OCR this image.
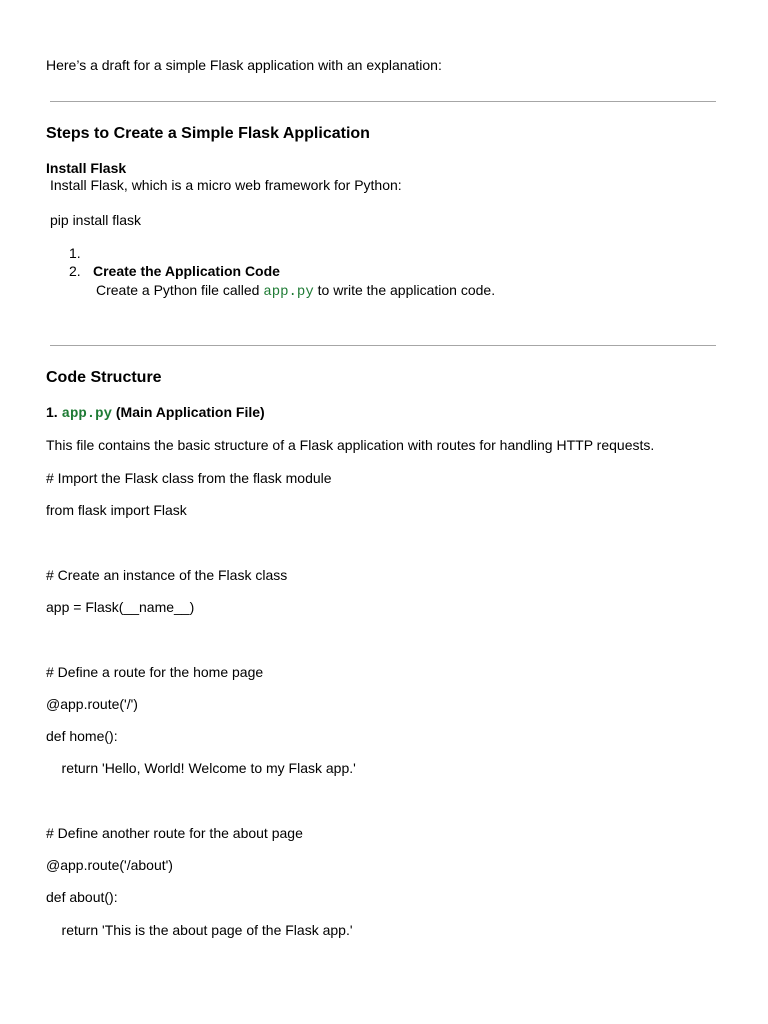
Here’s a draft for a simple Flask application with an explanation:
Steps to Create a Simple Flask Application
Install Flask
Install Flask, which is a micro web framework for Python:
pip install flask
1.
2. Create the Application Code
Create a Python file called app.py to write the application code.
Code Structure
1. app.py (Main Application File)
This file contains the basic structure of a Flask application with routes for handling HTTP requests.
# Import the Flask class from the flask module
from flask import Flask
# Create an instance of the Flask class
app = Flask(__name__)
# Define a route for the home page
@app.route('/')
def home():
return 'Hello, World! Welcome to my Flask app.'
# Define another route for the about page
@app.route('/about')
def about():
return 'This is the about page of the Flask app.'
